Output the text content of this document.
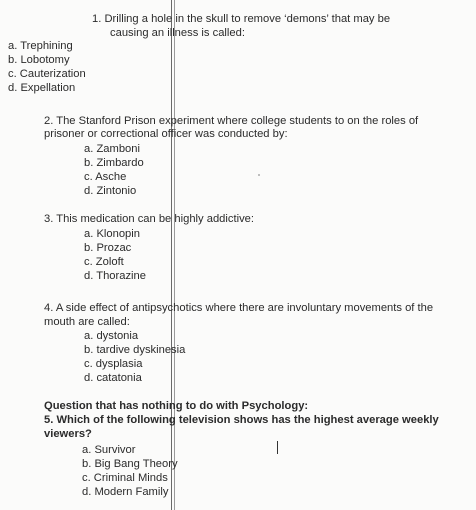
1. Drilling a hole in the skull to remove ‘demons’ that may be
causing an illness is called:
a. Trephining
b. Lobotomy
c. Cauterization
d. Expellation
2. The Stanford Prison experiment where college students to on the roles of
prisoner or correctional officer was conducted by:
a. Zamboni
b. Zimbardo
c. Asche
d. Zintonio
3. This medication can be highly addictive:
a. Klonopin
b. Prozac
c. Zoloft
d. Thorazine
4. A side effect of antipsychotics where there are involuntary movements of the
mouth are called:
a. dystonia
b. tardive dyskinesia
c. dysplasia
d. catatonia
Question that has nothing to do with Psychology:
5. Which of the following television shows has the highest average weekly
viewers?
a. Survivor
b. Big Bang Theory
c. Criminal Minds
d. Modern Family
